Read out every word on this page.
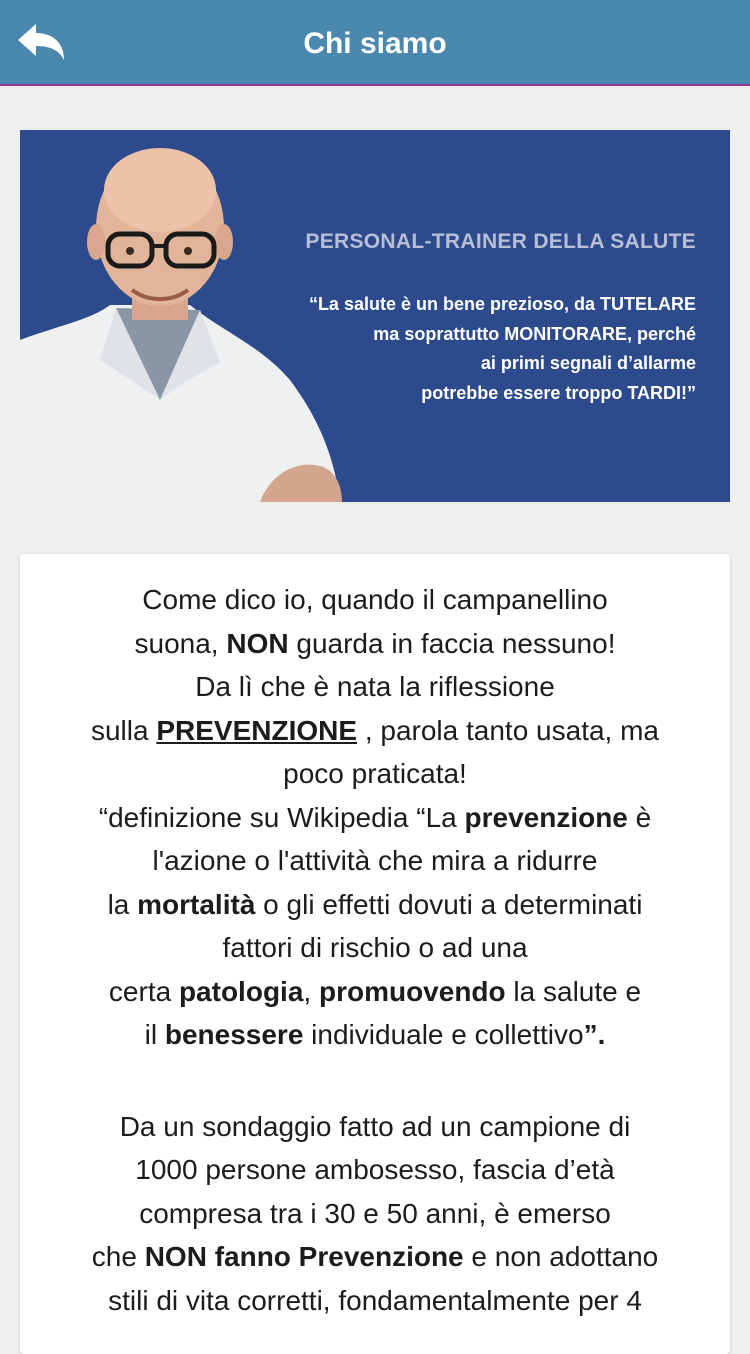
Chi siamo
PERSONAL-TRAINER DELLA SALUTE
“La salute è un bene prezioso, da TUTELARE
ma soprattutto MONITORARE, perché
ai primi segnali d’allarme
potrebbe essere troppo TARDI!”
Come dico io, quando il campanellino
suona, NON guarda in faccia nessuno!
Da lì che è nata la riflessione
sulla PREVENZIONE , parola tanto usata, ma
poco praticata!
“definizione su Wikipedia “La prevenzione è
l'azione o l'attività che mira a ridurre
la mortalità o gli effetti dovuti a determinati
fattori di rischio o ad una
certa patologia, promuovendo la salute e
il benessere individuale e collettivo”.
Da un sondaggio fatto ad un campione di
1000 persone ambosesso, fascia d’età
compresa tra i 30 e 50 anni, è emerso
che NON fanno Prevenzione e non adottano
stili di vita corretti, fondamentalmente per 4
